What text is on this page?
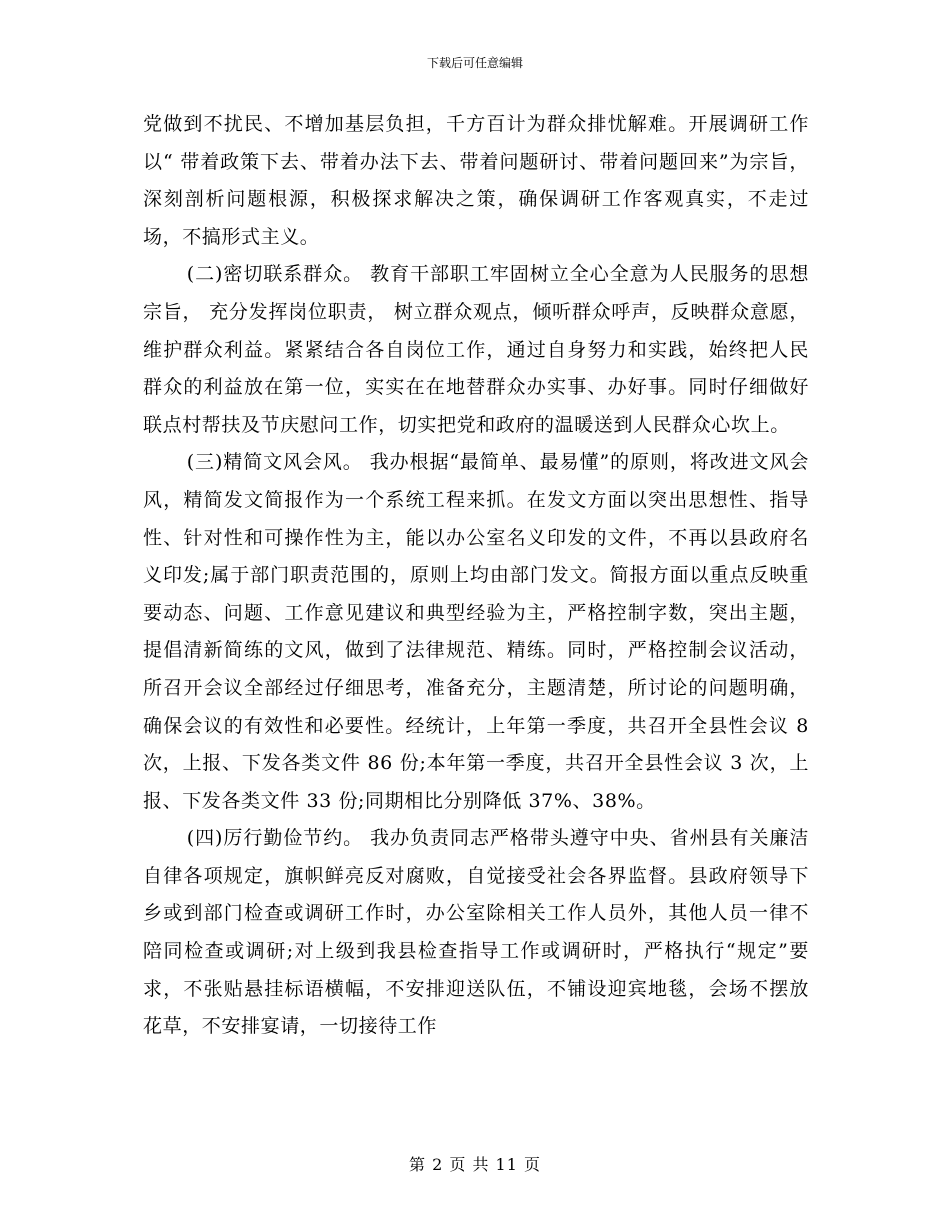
下载后可任意编辑

党做到不扰民、不增加基层负担，千方百计为群众排忧解难。开展调研工作以“ 带着政策下去、带着办法下去、带着问题研讨、带着问题回来”为宗旨，深刻剖析问题根源，积极探求解决之策，确保调研工作客观真实，不走过场，不搞形式主义。

(二)密切联系群众。 教育干部职工牢固树立全心全意为人民服务的思想宗旨， 充分发挥岗位职责， 树立群众观点，倾听群众呼声，反映群众意愿，维护群众利益。紧紧结合各自岗位工作，通过自身努力和实践，始终把人民群众的利益放在第一位，实实在在地替群众办实事、办好事。同时仔细做好联点村帮扶及节庆慰问工作，切实把党和政府的温暖送到人民群众心坎上。

(三)精简文风会风。 我办根据“最简单、最易懂”的原则，将改进文风会风，精简发文简报作为一个系统工程来抓。在发文方面以突出思想性、指导性、针对性和可操作性为主，能以办公室名义印发的文件，不再以县政府名义印发;属于部门职责范围的，原则上均由部门发文。简报方面以重点反映重要动态、问题、工作意见建议和典型经验为主，严格控制字数，突出主题，提倡清新简练的文风，做到了法律规范、精练。同时，严格控制会议活动，所召开会议全部经过仔细思考，准备充分，主题清楚，所讨论的问题明确，确保会议的有效性和必要性。经统计，上年第一季度，共召开全县性会议 8 次，上报、下发各类文件 86 份;本年第一季度，共召开全县性会议 3 次，上报、下发各类文件 33 份;同期相比分别降低 37%、38%。

(四)厉行勤俭节约。 我办负责同志严格带头遵守中央、省州县有关廉洁自律各项规定，旗帜鲜亮反对腐败，自觉接受社会各界监督。县政府领导下乡或到部门检查或调研工作时，办公室除相关工作人员外，其他人员一律不陪同检查或调研;对上级到我县检查指导工作或调研时，严格执行“规定”要求，不张贴悬挂标语横幅，不安排迎送队伍，不铺设迎宾地毯，会场不摆放花草，不安排宴请，一切接待工作

第 2 页 共 11 页
